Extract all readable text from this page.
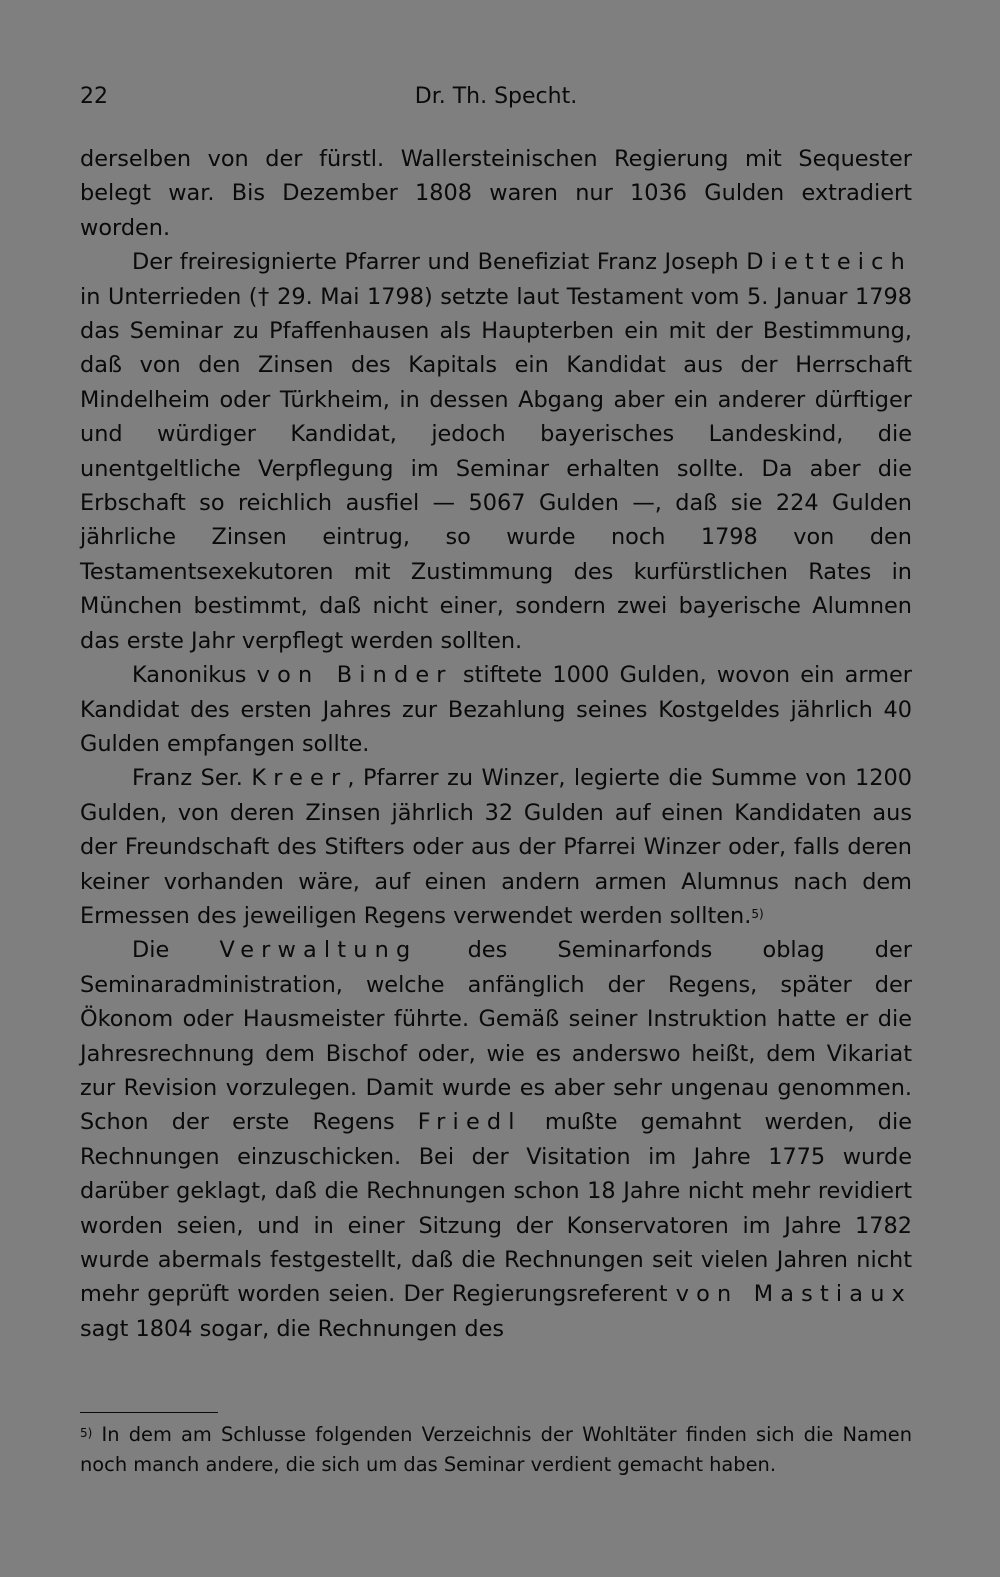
22	Dr. Th. Specht.

derselben von der fürstl. Wallersteinischen Regierung mit Sequester belegt war. Bis Dezember 1808 waren nur 1036 Gulden extradiert worden.

Der freiresignierte Pfarrer und Benefiziat Franz Joseph Dietteich in Unterrieden († 29. Mai 1798) setzte laut Testament vom 5. Januar 1798 das Seminar zu Pfaffenhausen als Haupterben ein mit der Bestimmung, daß von den Zinsen des Kapitals ein Kandidat aus der Herrschaft Mindelheim oder Türkheim, in dessen Abgang aber ein anderer dürftiger und würdiger Kandidat, jedoch bayerisches Landeskind, die unentgeltliche Verpflegung im Seminar erhalten sollte. Da aber die Erbschaft so reichlich ausfiel — 5067 Gulden —, daß sie 224 Gulden jährliche Zinsen eintrug, so wurde noch 1798 von den Testamentsexekutoren mit Zustimmung des kurfürstlichen Rates in München bestimmt, daß nicht einer, sondern zwei bayerische Alumnen das erste Jahr verpflegt werden sollten.

Kanonikus von Binder stiftete 1000 Gulden, wovon ein armer Kandidat des ersten Jahres zur Bezahlung seines Kostgeldes jährlich 40 Gulden empfangen sollte.

Franz Ser. Kreer, Pfarrer zu Winzer, legierte die Summe von 1200 Gulden, von deren Zinsen jährlich 32 Gulden auf einen Kandidaten aus der Freundschaft des Stifters oder aus der Pfarrei Winzer oder, falls deren keiner vorhanden wäre, auf einen andern armen Alumnus nach dem Ermessen des jeweiligen Regens verwendet werden sollten.$^{5)}$

Die Verwaltung des Seminarfonds oblag der Seminaradministration, welche anfänglich der Regens, später der Ökonom oder Hausmeister führte. Gemäß seiner Instruktion hatte er die Jahresrechnung dem Bischof oder, wie es anderswo heißt, dem Vikariat zur Revision vorzulegen. Damit wurde es aber sehr ungenau genommen. Schon der erste Regens Friedl mußte gemahnt werden, die Rechnungen einzuschicken. Bei der Visitation im Jahre 1775 wurde darüber geklagt, daß die Rechnungen schon 18 Jahre nicht mehr revidiert worden seien, und in einer Sitzung der Konservatoren im Jahre 1782 wurde abermals festgestellt, daß die Rechnungen seit vielen Jahren nicht mehr geprüft worden seien. Der Regierungsreferent von Mastiaux sagt 1804 sogar, die Rechnungen des

$^{5)}$ In dem am Schlusse folgenden Verzeichnis der Wohltäter finden sich die Namen noch manch andere, die sich um das Seminar verdient gemacht haben.
